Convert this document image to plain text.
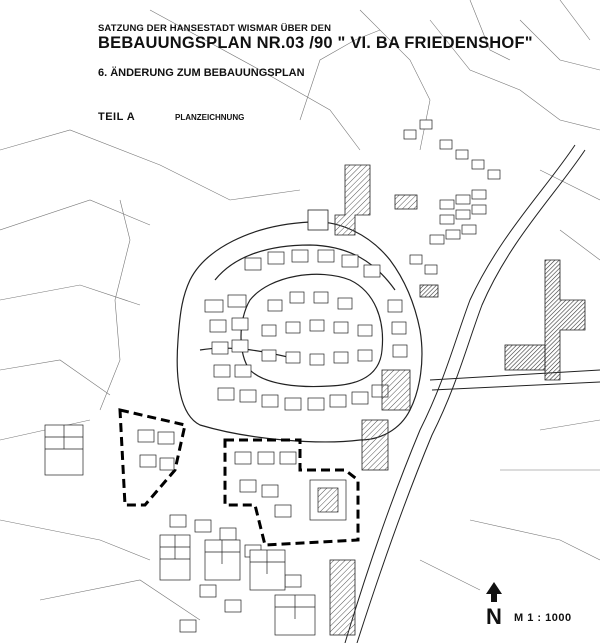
SATZUNG DER HANSESTADT WISMAR ÜBER DEN
BEBAUUNGSPLAN NR.03 /90 " VI. BA FRIEDENSHOF"
6. ÄNDERUNG ZUM BEBAUUNGSPLAN
TEIL A	PLANZEICHNUNG
N M 1 : 1000
